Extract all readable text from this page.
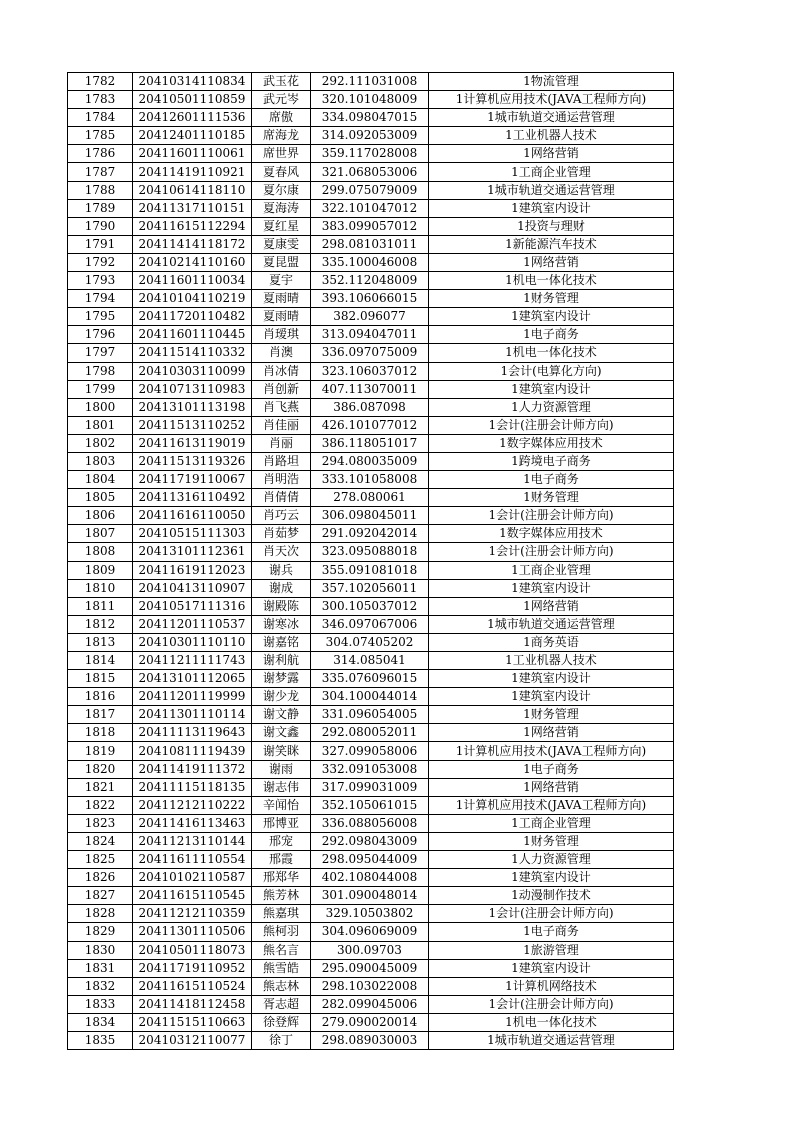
1782	20410314110834	武玉花	292.111031008	1物流管理
1783	20410501110859	武元岑	320.101048009	1计算机应用技术(JAVA工程师方向)
1784	20412601111536	席傲	334.098047015	1城市轨道交通运营管理
1785	20412401110185	席海龙	314.092053009	1工业机器人技术
1786	20411601110061	席世界	359.117028008	1网络营销
1787	20411419110921	夏春风	321.068053006	1工商企业管理
1788	20410614118110	夏尔康	299.075079009	1城市轨道交通运营管理
1789	20411317110151	夏海涛	322.101047012	1建筑室内设计
1790	20411615112294	夏红星	383.099057012	1投资与理财
1791	20411414118172	夏康雯	298.081031011	1新能源汽车技术
1792	20410214110160	夏昆盟	335.100046008	1网络营销
1793	20411601110034	夏宇	352.112048009	1机电一体化技术
1794	20410104110219	夏雨晴	393.106066015	1财务管理
1795	20411720110482	夏雨晴	382.096077	1建筑室内设计
1796	20411601110445	肖瑷琪	313.094047011	1电子商务
1797	20411514110332	肖澳	336.097075009	1机电一体化技术
1798	20410303110099	肖冰倩	323.106037012	1会计(电算化方向)
1799	20410713110983	肖创新	407.113070011	1建筑室内设计
1800	20413101113198	肖飞燕	386.087098	1人力资源管理
1801	20411513110252	肖佳丽	426.101077012	1会计(注册会计师方向)
1802	20411613119019	肖丽	386.118051017	1数字媒体应用技术
1803	20411513119326	肖路坦	294.080035009	1跨境电子商务
1804	20411719110067	肖明浩	333.101058008	1电子商务
1805	20411316110492	肖倩倩	278.080061	1财务管理
1806	20411616110050	肖巧云	306.098045011	1会计(注册会计师方向)
1807	20410515111303	肖茹梦	291.092042014	1数字媒体应用技术
1808	20413101112361	肖天次	323.095088018	1会计(注册会计师方向)
1809	20411619112023	谢兵	355.091081018	1工商企业管理
1810	20410413110907	谢成	357.102056011	1建筑室内设计
1811	20410517111316	谢殿陈	300.105037012	1网络营销
1812	20411201110537	谢寒冰	346.097067006	1城市轨道交通运营管理
1813	20410301110110	谢嘉铭	304.07405202	1商务英语
1814	20411211111743	谢利航	314.085041	1工业机器人技术
1815	20413101112065	谢梦露	335.076096015	1建筑室内设计
1816	20411201119999	谢少龙	304.100044014	1建筑室内设计
1817	20411301110114	谢文静	331.096054005	1财务管理
1818	20411113119643	谢文鑫	292.080052011	1网络营销
1819	20410811119439	谢笑眯	327.099058006	1计算机应用技术(JAVA工程师方向)
1820	20411419111372	谢雨	332.091053008	1电子商务
1821	20411115118135	谢志伟	317.099031009	1网络营销
1822	20411212110222	辛闻怡	352.105061015	1计算机应用技术(JAVA工程师方向)
1823	20411416113463	邢博亚	336.088056008	1工商企业管理
1824	20411213110144	邢宠	292.098043009	1财务管理
1825	20411611110554	邢霞	298.095044009	1人力资源管理
1826	20410102110587	邢郑华	402.108044008	1建筑室内设计
1827	20411615110545	熊芳林	301.090048014	1动漫制作技术
1828	20411212110359	熊嘉琪	329.10503802	1会计(注册会计师方向)
1829	20411301110506	熊柯羽	304.096069009	1电子商务
1830	20410501118073	熊名言	300.09703	1旅游管理
1831	20411719110952	熊雪皓	295.090045009	1建筑室内设计
1832	20411615110524	熊志林	298.103022008	1计算机网络技术
1833	20411418112458	胥志超	282.099045006	1会计(注册会计师方向)
1834	20411515110663	徐登辉	279.090020014	1机电一体化技术
1835	20410312110077	徐丁	298.089030003	1城市轨道交通运营管理
